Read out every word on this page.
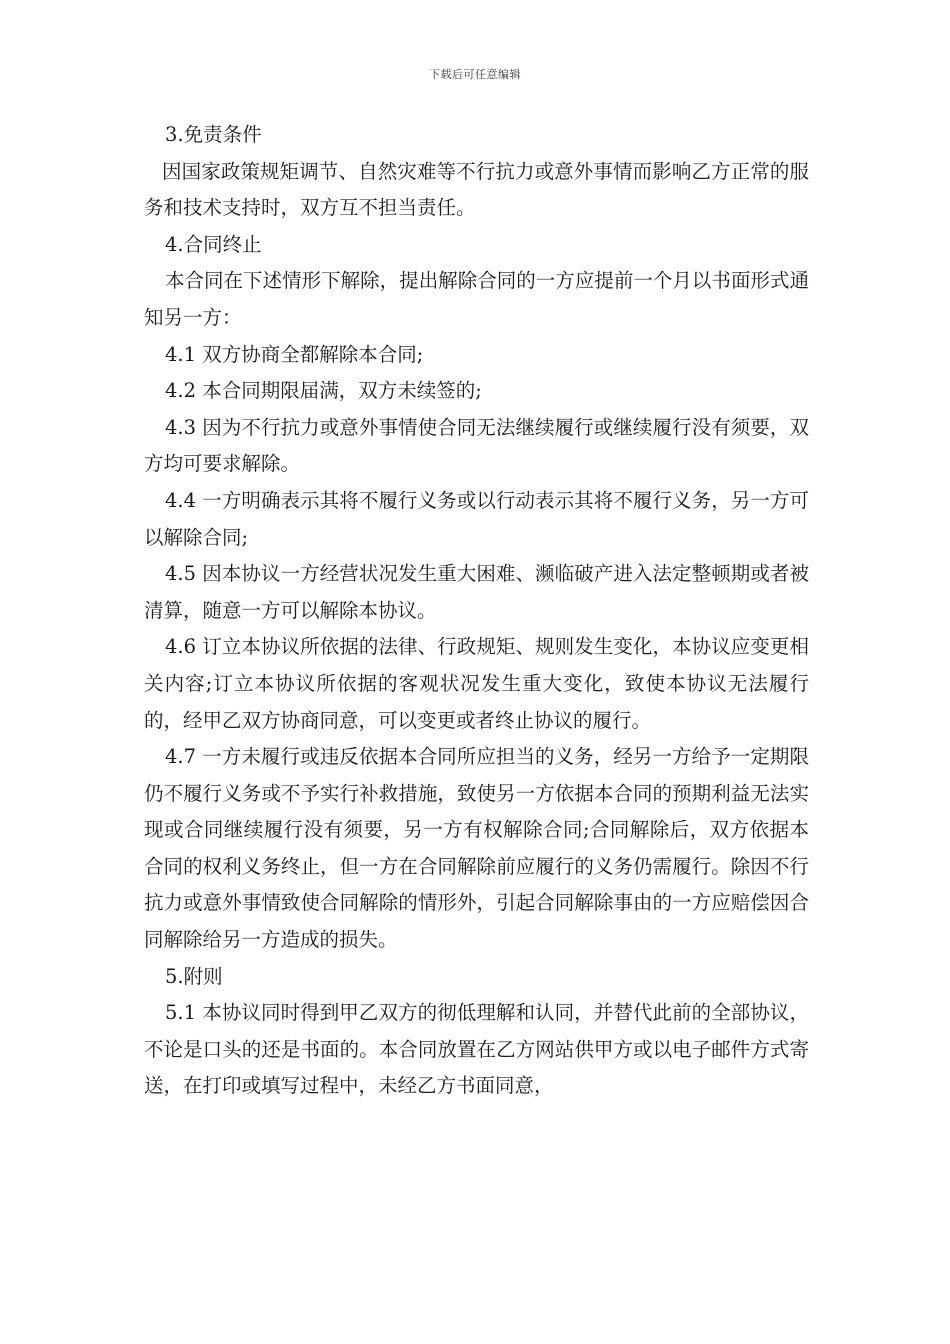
下载后可任意编辑

3.免责条件

因国家政策规矩调节、自然灾难等不行抗力或意外事情而影响乙方正常的服务和技术支持时，双方互不担当责任。

4.合同终止

本合同在下述情形下解除，提出解除合同的一方应提前一个月以书面形式通知另一方：

4.1 双方协商全都解除本合同;

4.2 本合同期限届满，双方未续签的;

4.3 因为不行抗力或意外事情使合同无法继续履行或继续履行没有须要，双方均可要求解除。

4.4 一方明确表示其将不履行义务或以行动表示其将不履行义务，另一方可以解除合同;

4.5 因本协议一方经营状况发生重大困难、濒临破产进入法定整顿期或者被清算，随意一方可以解除本协议。

4.6 订立本协议所依据的法律、行政规矩、规则发生变化，本协议应变更相关内容;订立本协议所依据的客观状况发生重大变化，致使本协议无法履行的，经甲乙双方协商同意，可以变更或者终止协议的履行。

4.7 一方未履行或违反依据本合同所应担当的义务，经另一方给予一定期限仍不履行义务或不予实行补救措施，致使另一方依据本合同的预期利益无法实现或合同继续履行没有须要，另一方有权解除合同;合同解除后，双方依据本合同的权利义务终止，但一方在合同解除前应履行的义务仍需履行。除因不行抗力或意外事情致使合同解除的情形外，引起合同解除事由的一方应赔偿因合同解除给另一方造成的损失。

5.附则

5.1 本协议同时得到甲乙双方的彻低理解和认同，并替代此前的全部协议，不论是口头的还是书面的。本合同放置在乙方网站供甲方或以电子邮件方式寄送，在打印或填写过程中，未经乙方书面同意，
